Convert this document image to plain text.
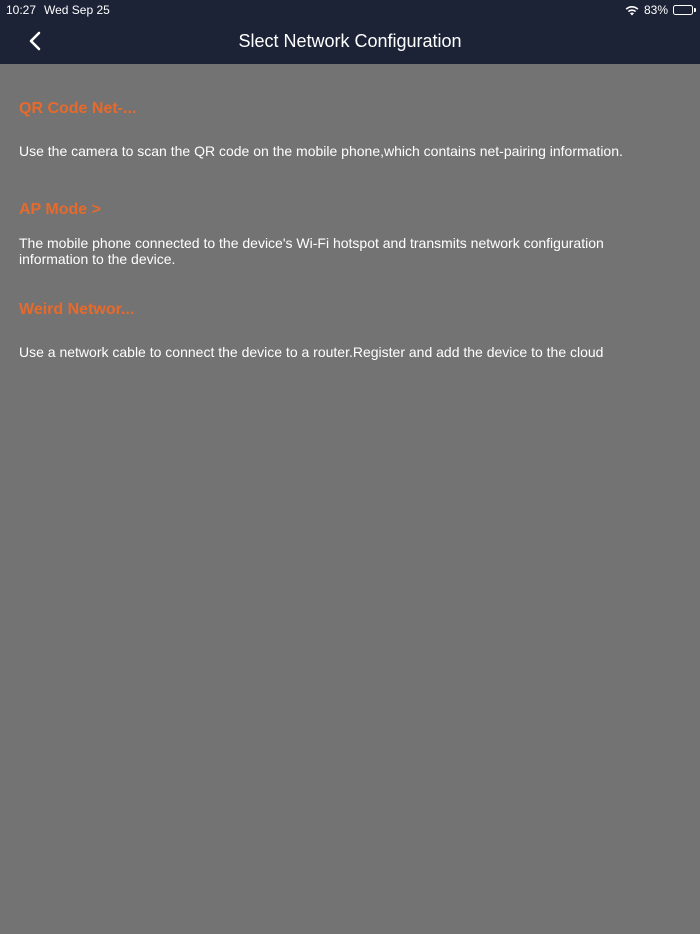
10:27 Wed Sep 25	83%
Slect Network Configuration
QR Code Net-...
Use the camera to scan the QR code on the mobile phone,which contains net-pairing information.
AP Mode >
The mobile phone connected to the device's Wi-Fi hotspot and transmits network configuration information to the device.
Weird Networ...
Use a network cable to connect the device to a router.Register and add the device to the cloud
